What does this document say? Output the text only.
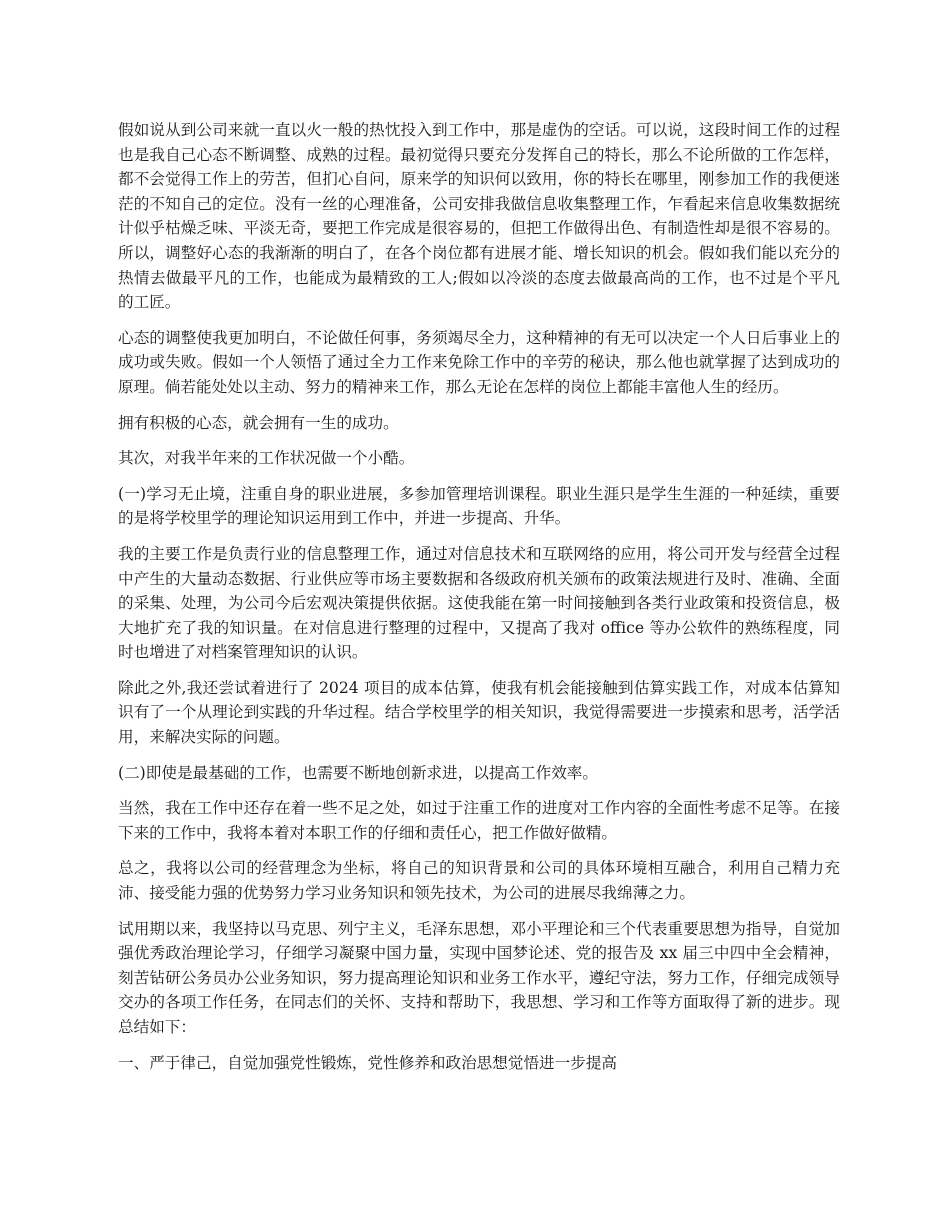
假如说从到公司来就一直以火一般的热忱投入到工作中，那是虚伪的空话。可以说，这段时间工作的过程也是我自己心态不断调整、成熟的过程。最初觉得只要充分发挥自己的特长，那么不论所做的工作怎样，都不会觉得工作上的劳苦，但扪心自问，原来学的知识何以致用，你的特长在哪里，刚参加工作的我便迷茫的不知自己的定位。没有一丝的心理准备，公司安排我做信息收集整理工作，乍看起来信息收集数据统计似乎枯燥乏味、平淡无奇，要把工作完成是很容易的，但把工作做得出色、有制造性却是很不容易的。所以，调整好心态的我渐渐的明白了，在各个岗位都有进展才能、增长知识的机会。假如我们能以充分的热情去做最平凡的工作，也能成为最精致的工人;假如以冷淡的态度去做最高尚的工作，也不过是个平凡的工匠。

心态的调整使我更加明白，不论做任何事，务须竭尽全力，这种精神的有无可以决定一个人日后事业上的成功或失败。假如一个人领悟了通过全力工作来免除工作中的辛劳的秘诀，那么他也就掌握了达到成功的原理。倘若能处处以主动、努力的精神来工作，那么无论在怎样的岗位上都能丰富他人生的经历。

拥有积极的心态，就会拥有一生的成功。

其次，对我半年来的工作状况做一个小酷。

(一)学习无止境，注重自身的职业进展，多参加管理培训课程。职业生涯只是学生生涯的一种延续，重要的是将学校里学的理论知识运用到工作中，并进一步提高、升华。

我的主要工作是负责行业的信息整理工作，通过对信息技术和互联网络的应用，将公司开发与经营全过程中产生的大量动态数据、行业供应等市场主要数据和各级政府机关颁布的政策法规进行及时、准确、全面的采集、处理，为公司今后宏观决策提供依据。这使我能在第一时间接触到各类行业政策和投资信息，极大地扩充了我的知识量。在对信息进行整理的过程中，又提高了我对 office 等办公软件的熟练程度，同时也增进了对档案管理知识的认识。

除此之外,我还尝试着进行了 2024 项目的成本估算，使我有机会能接触到估算实践工作，对成本估算知识有了一个从理论到实践的升华过程。结合学校里学的相关知识，我觉得需要进一步摸索和思考，活学活用，来解决实际的问题。

(二)即使是最基础的工作，也需要不断地创新求进，以提高工作效率。

当然，我在工作中还存在着一些不足之处，如过于注重工作的进度对工作内容的全面性考虑不足等。在接下来的工作中，我将本着对本职工作的仔细和责任心，把工作做好做精。

总之，我将以公司的经营理念为坐标，将自己的知识背景和公司的具体环境相互融合，利用自己精力充沛、接受能力强的优势努力学习业务知识和领先技术，为公司的进展尽我绵薄之力。

试用期以来，我坚持以马克思、列宁主义，毛泽东思想，邓小平理论和三个代表重要思想为指导，自觉加强优秀政治理论学习，仔细学习凝聚中国力量，实现中国梦论述、党的报告及 xx 届三中四中全会精神，刻苦钻研公务员办公业务知识，努力提高理论知识和业务工作水平，遵纪守法，努力工作，仔细完成领导交办的各项工作任务，在同志们的关怀、支持和帮助下，我思想、学习和工作等方面取得了新的进步。现总结如下：

一、严于律己，自觉加强党性锻炼，党性修养和政治思想觉悟进一步提高
